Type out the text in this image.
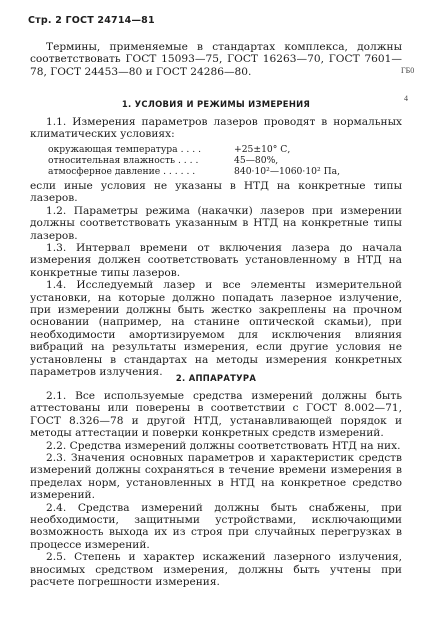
Стр. 2 ГОСТ 24714—81
ГБ0
4

Термины, применяемые в стандартах комплекса, должны соответствовать ГОСТ 15093—75, ГОСТ 16263—70, ГОСТ 7601—78, ГОСТ 24453—80 и ГОСТ 24286—80.

1. УСЛОВИЯ И РЕЖИМЫ ИЗМЕРЕНИЯ

1.1. Измерения параметров лазеров проводят в нормальных климатических условиях:

окружающая температура . . . .	+25±10° С,
относительная влажность . . . .	45—80%,
атмосферное давление . . . . . .	840·10²—1060·10² Па,

если иные условия не указаны в НТД на конкретные типы лазеров.

1.2. Параметры режима (накачки) лазеров при измерении должны соответствовать указанным в НТД на конкретные типы лазеров.

1.3. Интервал времени от включения лазера до начала измерения должен соответствовать установленному в НТД на конкретные типы лазеров.

1.4. Исследуемый лазер и все элементы измерительной установки, на которые должно попадать лазерное излучение, при измерении должны быть жестко закреплены на прочном основании (например, на станине оптической скамьи), при необходимости амортизируемом для исключения влияния вибраций на результаты измерения, если другие условия не установлены в стандартах на методы измерения конкретных параметров излучения.	2. АППАРАТУРА

2.1. Все используемые средства измерений должны быть аттестованы или поверены в соответствии с ГОСТ 8.002—71, ГОСТ 8.326—78 и другой НТД, устанавливающей порядок и методы аттестации и поверки конкретных средств измерений.

2.2. Средства измерений должны соответствовать НТД на них.

2.3. Значения основных параметров и характеристик средств измерений должны сохраняться в течение времени измерения в пределах норм, установленных в НТД на конкретное средство измерений.

2.4. Средства измерений должны быть снабжены, при необходимости, защитными устройствами, исключающими возможность выхода их из строя при случайных перегрузках в процессе измерений.

2.5. Степень и характер искажений лазерного излучения, вносимых средством измерения, должны быть учтены при расчете погрешности измерения.
